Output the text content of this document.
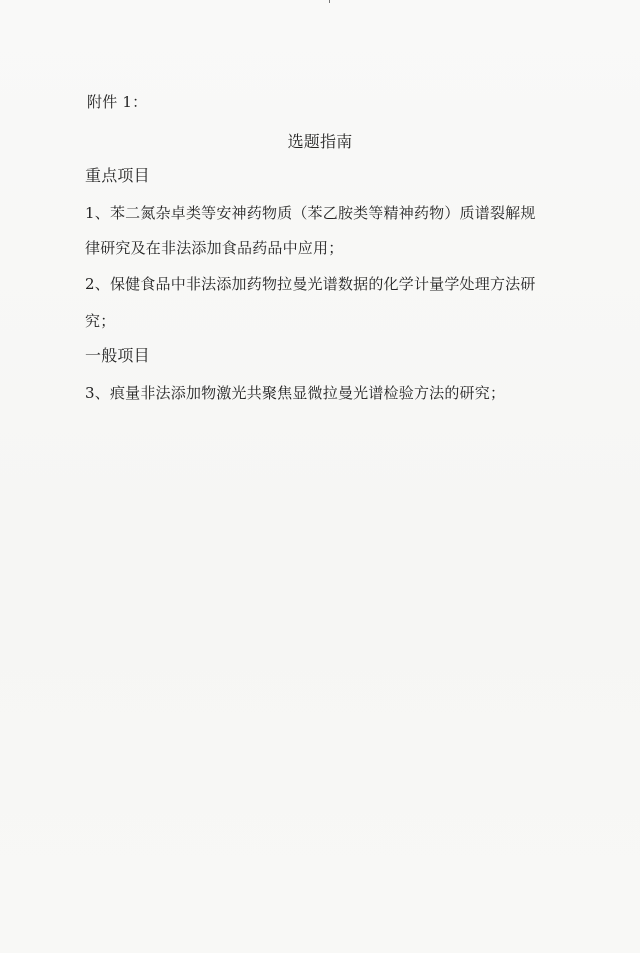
附件 1：
选题指南
重点项目
1、苯二氮杂卓类等安神药物质（苯乙胺类等精神药物）质谱裂解规
律研究及在非法添加食品药品中应用；
2、保健食品中非法添加药物拉曼光谱数据的化学计量学处理方法研
究；
一般项目
3、痕量非法添加物激光共聚焦显微拉曼光谱检验方法的研究；
